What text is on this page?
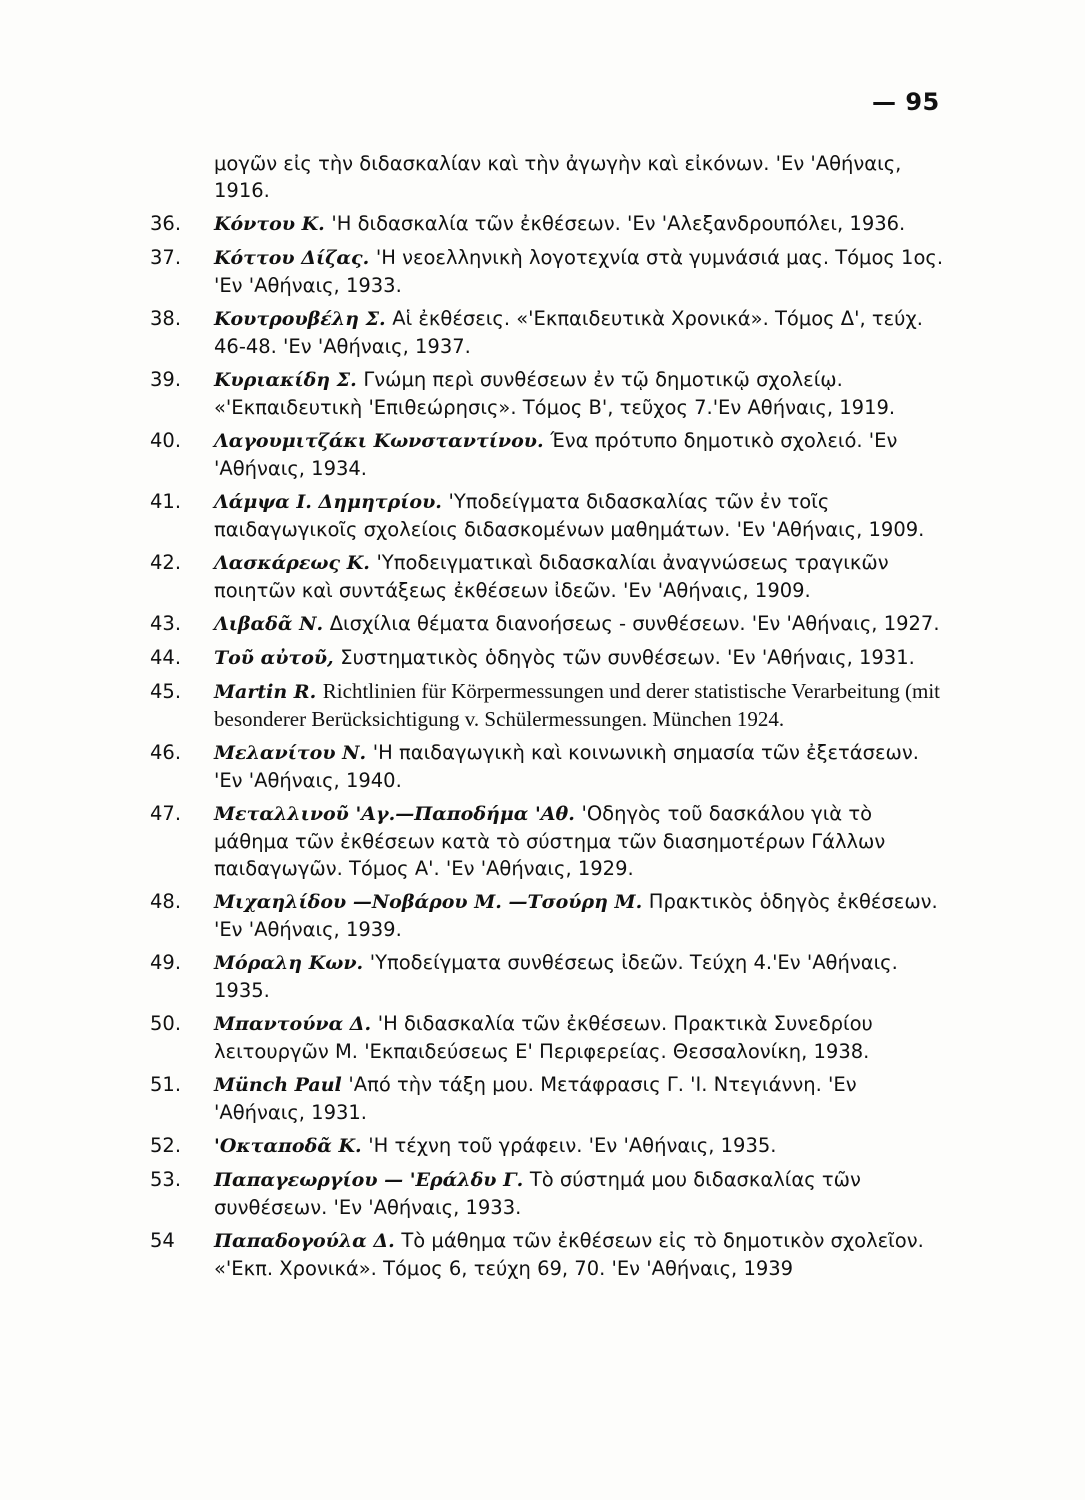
— 95
μογῶν εἰς τὴν διδασκαλίαν καὶ τὴν ἀγωγὴν καὶ εἰκόνων. 'Εν 'Αθήναις, 1916.
36.	Κόντου Κ. 'Η διδασκαλία τῶν ἐκθέσεων. 'Εν 'Αλεξανδρουπόλει, 1936.
37.	Κόττου Δίζας. 'Η νεοελληνικὴ λογοτεχνία στὰ γυμνάσιά μας. Τόμος 1ος. 'Εν 'Αθήναις, 1933.
38.	Κουτρουβέλη Σ. Αἱ ἐκθέσεις. «'Εκπαιδευτικὰ Χρονικά». Τόμος Δ', τεύχ. 46-48. 'Εν 'Αθήναις, 1937.
39.	Κυριακίδη Σ. Γνώμη περὶ συνθέσεων ἐν τῷ δημοτικῷ σχολείῳ. «'Εκπαιδευτικὴ 'Επιθεώρησις». Τόμος Β', τεῦχος 7.'Εν Αθήναις, 1919.
40.	Λαγουμιτζάκι Κωνσταντίνου. Ένα πρότυπο δημοτικὸ σχολειό. 'Εν 'Αθήναις, 1934.
41.	Λάμψα Ι. Δημητρίου. 'Υποδείγματα διδασκαλίας τῶν ἐν τοῖς παιδαγωγικοῖς σχολείοις διδασκομένων μαθημάτων. 'Εν 'Αθήναις, 1909.
42.	Λασκάρεως Κ. 'Υποδειγματικαὶ διδασκαλίαι ἀναγνώσεως τραγικῶν ποιητῶν καὶ συντάξεως ἐκθέσεων ἰδεῶν. 'Εν 'Αθήναις, 1909.
43.	Λιβαδᾶ Ν. Δισχίλια θέματα διανοήσεως - συνθέσεων. 'Εν 'Αθήναις, 1927.
44.	Τοῦ αὐτοῦ, Συστηματικὸς ὁδηγὸς τῶν συνθέσεων. 'Εν 'Αθήναις, 1931.
45.	Martin R. Richtlinien für Körpermessungen und derer statistische Verarbeitung (mit besonderer Berücksichtigung v. Schülermessungen. München 1924.
46.	Μελανίτου Ν. 'Η παιδαγωγικὴ καὶ κοινωνικὴ σημασία τῶν ἐξετάσεων. 'Εν 'Αθήναις, 1940.
47.	Μεταλλινοῦ 'Αγ.—Παποδήμα 'Αθ. 'Οδηγὸς τοῦ δασκάλου γιὰ τὸ μάθημα τῶν ἐκθέσεων κατὰ τὸ σύστημα τῶν διασημοτέρων Γάλλων παιδαγωγῶν. Τόμος Α'. 'Εν 'Αθήναις, 1929.
48.	Μιχαηλίδου —Νοβάρου Μ. —Τσούρη Μ. Πρακτικὸς ὁδηγὸς ἐκθέσεων. 'Εν 'Αθήναις, 1939.
49.	Μόραλη Κων. 'Υποδείγματα συνθέσεως ἰδεῶν. Τεύχη 4.'Εν 'Αθήναις. 1935.
50.	Μπαντούνα Δ. 'Η διδασκαλία τῶν ἐκθέσεων. Πρακτικὰ Συνεδρίου λειτουργῶν Μ. 'Εκπαιδεύσεως Ε' Περιφερείας. Θεσσαλονίκη, 1938.
51.	Münch Paul 'Από τὴν τάξη μου. Μετάφρασις Γ. 'Ι. Ντεγιάννη. 'Εν 'Αθήναις, 1931.
52.	'Οκταποδᾶ Κ. 'Η τέχνη τοῦ γράφειν. 'Εν 'Αθήναις, 1935.
53.	Παπαγεωργίου — 'Εράλδυ Γ. Τὸ σύστημά μου διδασκαλίας τῶν συνθέσεων. 'Εν 'Αθήναις, 1933.
54	Παπαδογούλα Δ. Τὸ μάθημα τῶν ἐκθέσεων εἰς τὸ δημοτικὸν σχολεῖον. «'Εκπ. Χρονικά». Τόμος 6, τεύχη 69, 70. 'Εν 'Αθήναις, 1939
